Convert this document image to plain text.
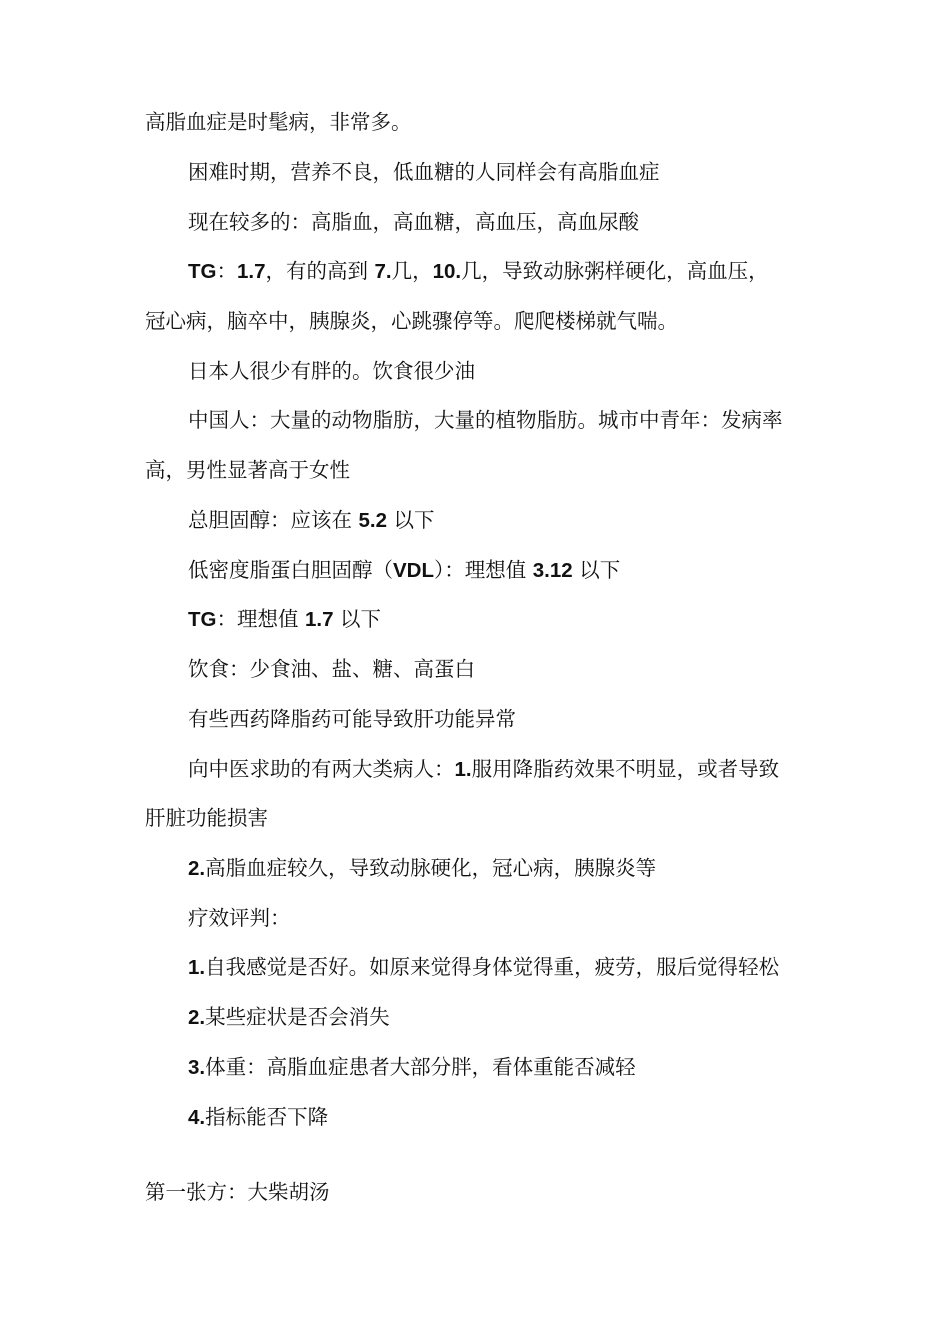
高脂血症是时髦病，非常多。
困难时期，营养不良，低血糖的人同样会有高脂血症
现在较多的：高脂血，高血糖，高血压，高血尿酸
TG：1.7，有的高到 7.几，10.几，导致动脉粥样硬化，高血压，
冠心病，脑卒中，胰腺炎，心跳骤停等。爬爬楼梯就气喘。
日本人很少有胖的。饮食很少油
中国人：大量的动物脂肪，大量的植物脂肪。城市中青年：发病率
高，男性显著高于女性
总胆固醇：应该在 5.2 以下
低密度脂蛋白胆固醇（VDL）：理想值 3.12 以下
TG：理想值 1.7 以下
饮食：少食油、盐、糖、高蛋白
有些西药降脂药可能导致肝功能异常
向中医求助的有两大类病人：1.服用降脂药效果不明显，或者导致
肝脏功能损害
2.高脂血症较久，导致动脉硬化，冠心病，胰腺炎等
疗效评判：
1.自我感觉是否好。如原来觉得身体觉得重，疲劳，服后觉得轻松
2.某些症状是否会消失
3.体重：高脂血症患者大部分胖，看体重能否减轻
4.指标能否下降
第一张方：大柴胡汤
